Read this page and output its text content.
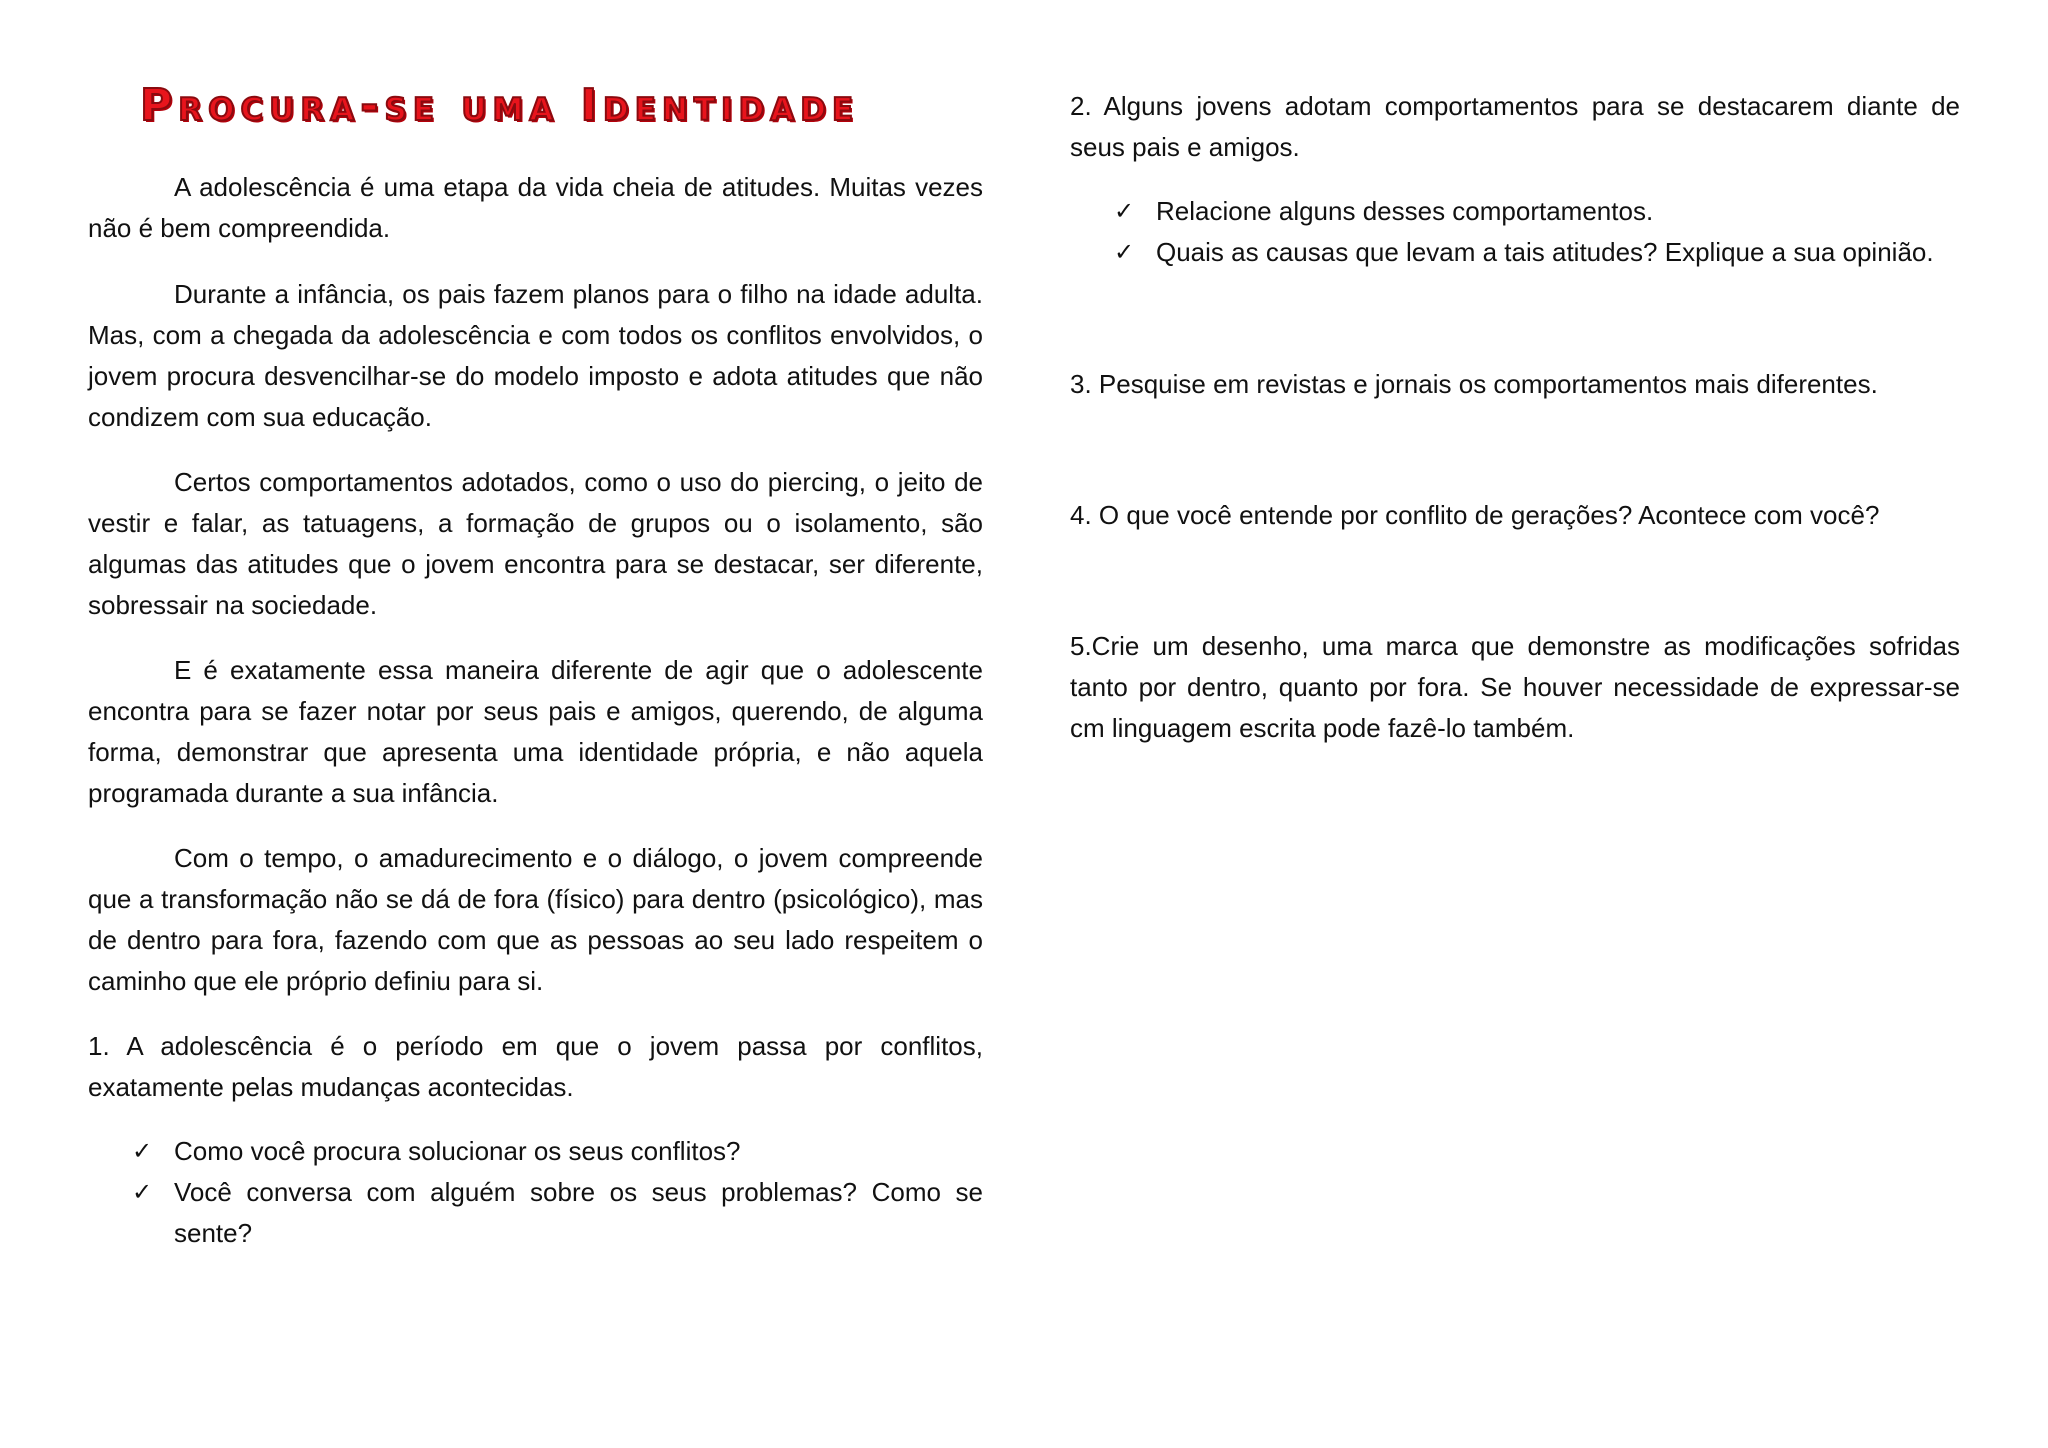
Procura-se uma Identidade

A adolescência é uma etapa da vida cheia de atitudes. Muitas vezes não é bem compreendida.

Durante a infância, os pais fazem planos para o filho na idade adulta. Mas, com a chegada da adolescência e com todos os conflitos envolvidos, o jovem procura desvencilhar-se do modelo imposto e adota atitudes que não condizem com sua educação.

Certos comportamentos adotados, como o uso do piercing, o jeito de vestir e falar, as tatuagens, a formação de grupos ou o isolamento, são algumas das atitudes que o jovem encontra para se destacar, ser diferente, sobressair na sociedade.

E é exatamente essa maneira diferente de agir que o adolescente encontra para se fazer notar por seus pais e amigos, querendo, de alguma forma, demonstrar que apresenta uma identidade própria, e não aquela programada durante a sua infância.

Com o tempo, o amadurecimento e o diálogo, o jovem compreende que a transformação não se dá de fora (físico) para dentro (psicológico), mas de dentro para fora, fazendo com que as pessoas ao seu lado respeitem o caminho que ele próprio definiu para si.

1. A adolescência é o período em que o jovem passa por conflitos, exatamente pelas mudanças acontecidas.

✓ Como você procura solucionar os seus conflitos?
✓ Você conversa com alguém sobre os seus problemas? Como se sente?

2. Alguns jovens adotam comportamentos para se destacarem diante de seus pais e amigos.

✓ Relacione alguns desses comportamentos.
✓ Quais as causas que levam a tais atitudes? Explique a sua opinião.

3. Pesquise em revistas e jornais os comportamentos mais diferentes.

4. O que você entende por conflito de gerações? Acontece com você?

5.Crie um desenho, uma marca que demonstre as modificações sofridas tanto por dentro, quanto por fora. Se houver necessidade de expressar-se cm linguagem escrita pode fazê-lo também.
